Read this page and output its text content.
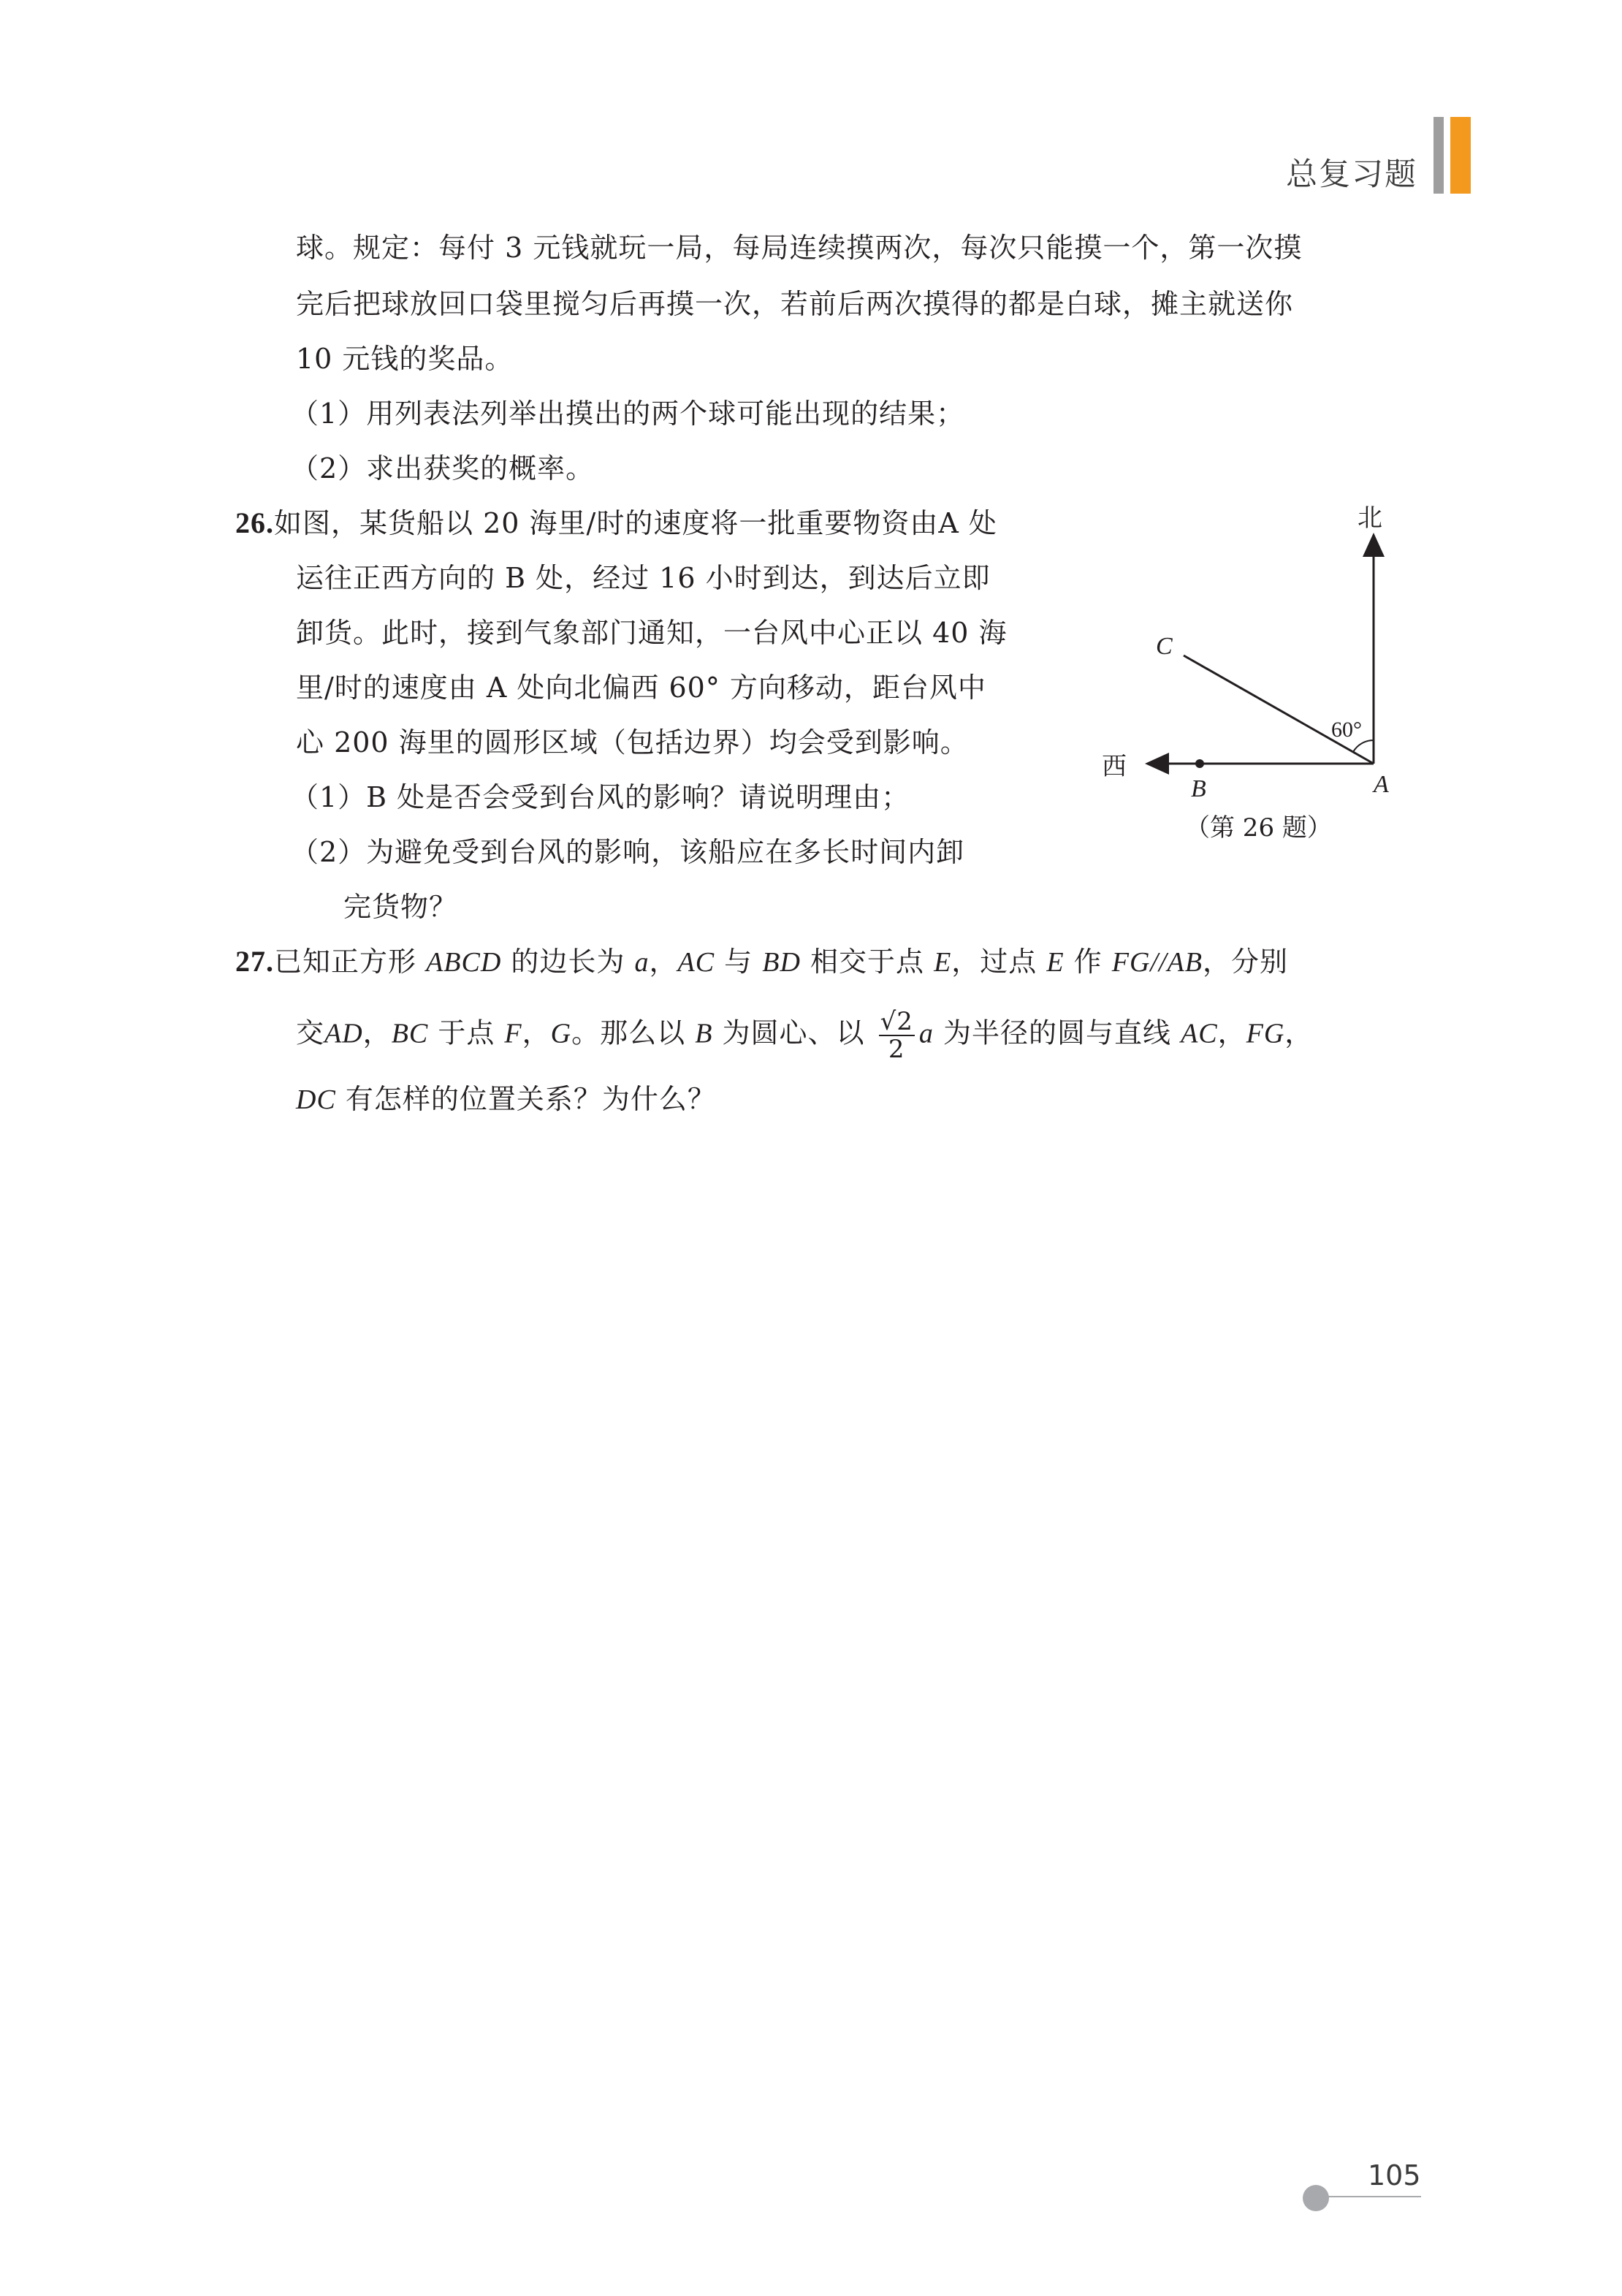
总复习题
球。规定：每付 3 元钱就玩一局，每局连续摸两次，每次只能摸一个，第一次摸
完后把球放回口袋里搅匀后再摸一次，若前后两次摸得的都是白球，摊主就送你
10 元钱的奖品。
（1）用列表法列举出摸出的两个球可能出现的结果；
（2）求出获奖的概率。
26.如图，某货船以 20 海里/时的速度将一批重要物资由A 处
运往正西方向的 B 处，经过 16 小时到达，到达后立即
卸货。此时，接到气象部门通知，一台风中心正以 40 海
里/时的速度由 A 处向北偏西 60° 方向移动，距台风中
心 200 海里的圆形区域（包括边界）均会受到影响。
（1）B 处是否会受到台风的影响？请说明理由；
（2）为避免受到台风的影响，该船应在多长时间内卸
完货物？
北
西
C
60°
A
B
（第 26 题）
27.已知正方形 ABCD 的边长为 a，AC 与 BD 相交于点 E，过点 E 作 FG//AB，分别
交AD，BC 于点 F，G。那么以 B 为圆心、以 $\frac{√2}{2}$ a 为半径的圆与直线 AC，FG，
DC 有怎样的位置关系？为什么？
105
